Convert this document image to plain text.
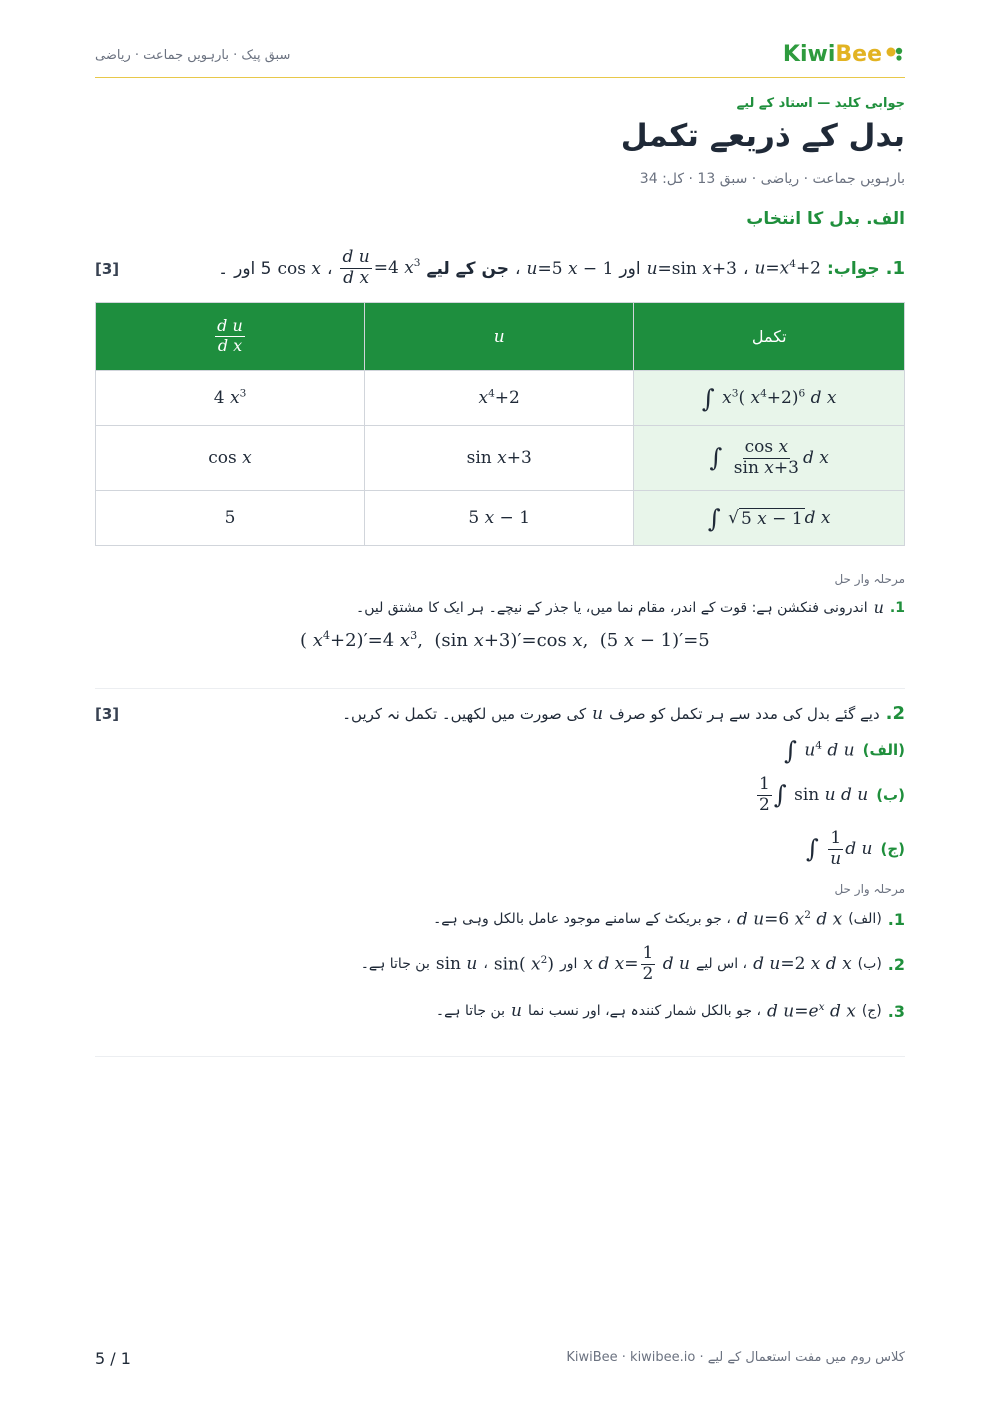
سبق پیک · بارہویں جماعت · ریاضی	Kiwi Bee
جوابی کلید — استاد کے لیے
بدل کے ذریعے تکمل
بارہویں جماعت · ریاضی · سبق 13 · کل: 34
الف. بدل کا انتخاب
[3]	1.
جواب:
$u=x^4+2$
،
u=sin x+3
اور
u=5 x − 1
،
جن کے لیے
$\frac{\text{d u}}{\text{d x}} =4$ $x^3$
،
cos x
5 اور
۔
$\frac{\text{d u}}{\text{d x}}$	u	تکمل
4 $x^3$	$x^4+2$	∫ $x^3$( $x^4+2)^6$ d x
cos x	sin x+3	∫ $\frac{\text{cos x}}{\text{sin x+3}}$ d x
5	5 x − 1	∫ √ 5 x − 1 d x
مرحلہ وار حل
1.
u
اندرونی فنکشن ہے: قوت کے اندر، مقام نما میں، یا جذر کے نیچے۔ ہر ایک کا مشتق لیں۔
( $x^4+2)'=4$ $x^3$,  (sin x+3)′=cos x,  (5 x − 1)′=5
[3]	2.
دیے گئے بدل کی مدد سے ہر تکمل کو صرف
u
کی صورت میں لکھیں۔ تکمل نہ کریں۔
(الف)
∫ $u^4$ d u
(ب)
$\frac{1}{2}$ ∫ sin u d u
(ج)
∫ $\frac{1}{u}$ d u
مرحلہ وار حل
1.
(الف)
d u=6 $x^2$ d x
، جو بریکٹ کے سامنے موجود عامل بالکل وہی ہے۔
2.
(ب)
d u=2 x d x
، اس لیے
x d $x= \frac{1}{2}$ d u
اور
sin( $x^2$)
،
sin u
بن جاتا ہے۔
3.
(ج)
d $u=e^x$ d x
، جو بالکل شمار کنندہ ہے، اور نسب نما
u
بن جاتا ہے۔
5 / 1	کلاس روم میں مفت استعمال کے لیے · KiwiBee · kiwibee.io
